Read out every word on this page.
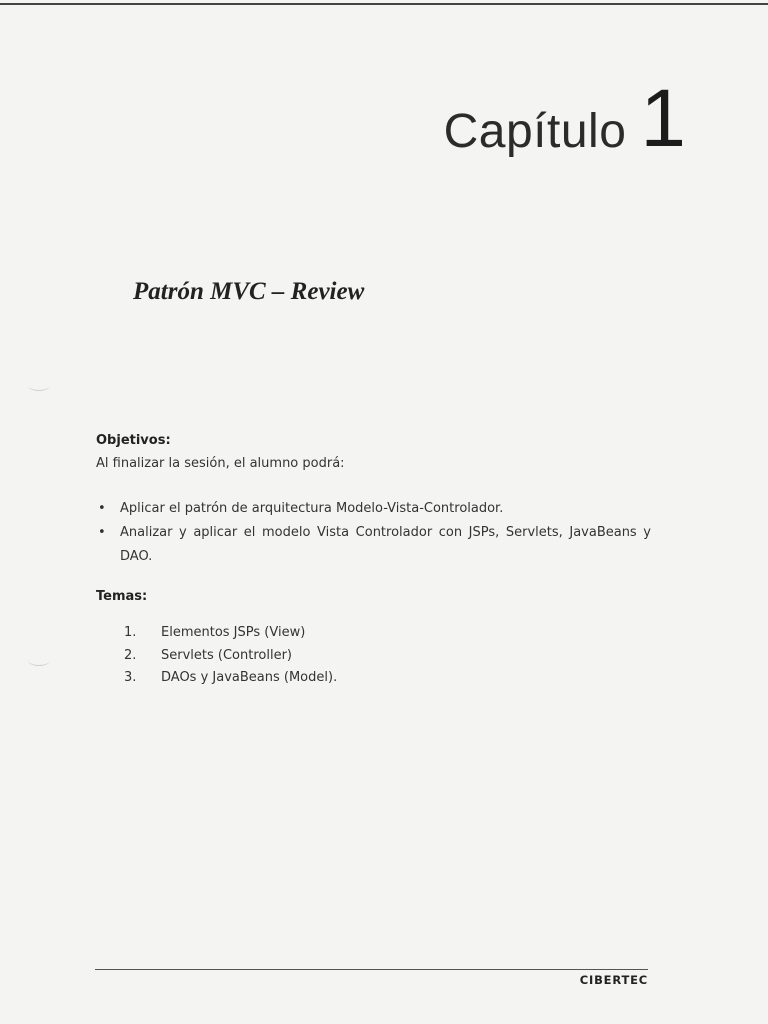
Capítulo 1
Patrón MVC – Review
Objetivos:
Al finalizar la sesión, el alumno podrá:
• Aplicar el patrón de arquitectura Modelo-Vista-Controlador.
• Analizar y aplicar el modelo Vista Controlador con JSPs, Servlets, JavaBeans y DAO.
Temas:
1.	Elementos JSPs (View)
2.	Servlets (Controller)
3.	DAOs y JavaBeans (Model).
CIBERTEC
